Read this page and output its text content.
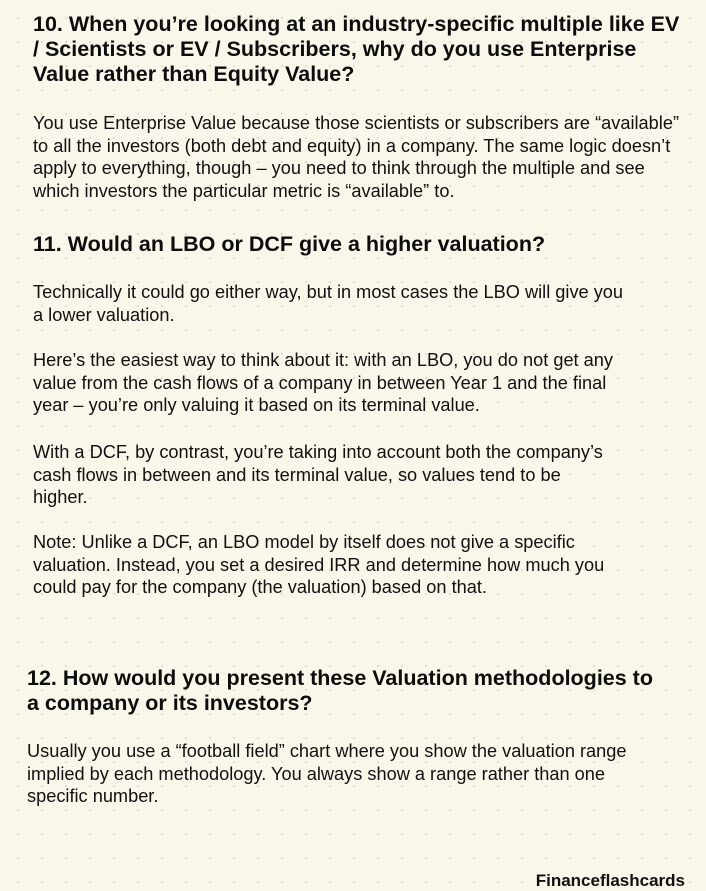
10. When you’re looking at an industry-specific multiple like EV / Scientists or EV / Subscribers, why do you use Enterprise Value rather than Equity Value?

You use Enterprise Value because those scientists or subscribers are “available” to all the investors (both debt and equity) in a company. The same logic doesn’t apply to everything, though – you need to think through the multiple and see which investors the particular metric is “available” to.

11. Would an LBO or DCF give a higher valuation?

Technically it could go either way, but in most cases the LBO will give you a lower valuation.

Here’s the easiest way to think about it: with an LBO, you do not get any value from the cash flows of a company in between Year 1 and the final year – you’re only valuing it based on its terminal value.

With a DCF, by contrast, you’re taking into account both the company’s cash flows in between and its terminal value, so values tend to be higher.

Note: Unlike a DCF, an LBO model by itself does not give a specific valuation. Instead, you set a desired IRR and determine how much you could pay for the company (the valuation) based on that.

12. How would you present these Valuation methodologies to a company or its investors?

Usually you use a “football field” chart where you show the valuation range implied by each methodology. You always show a range rather than one specific number.

Financeflashcards
